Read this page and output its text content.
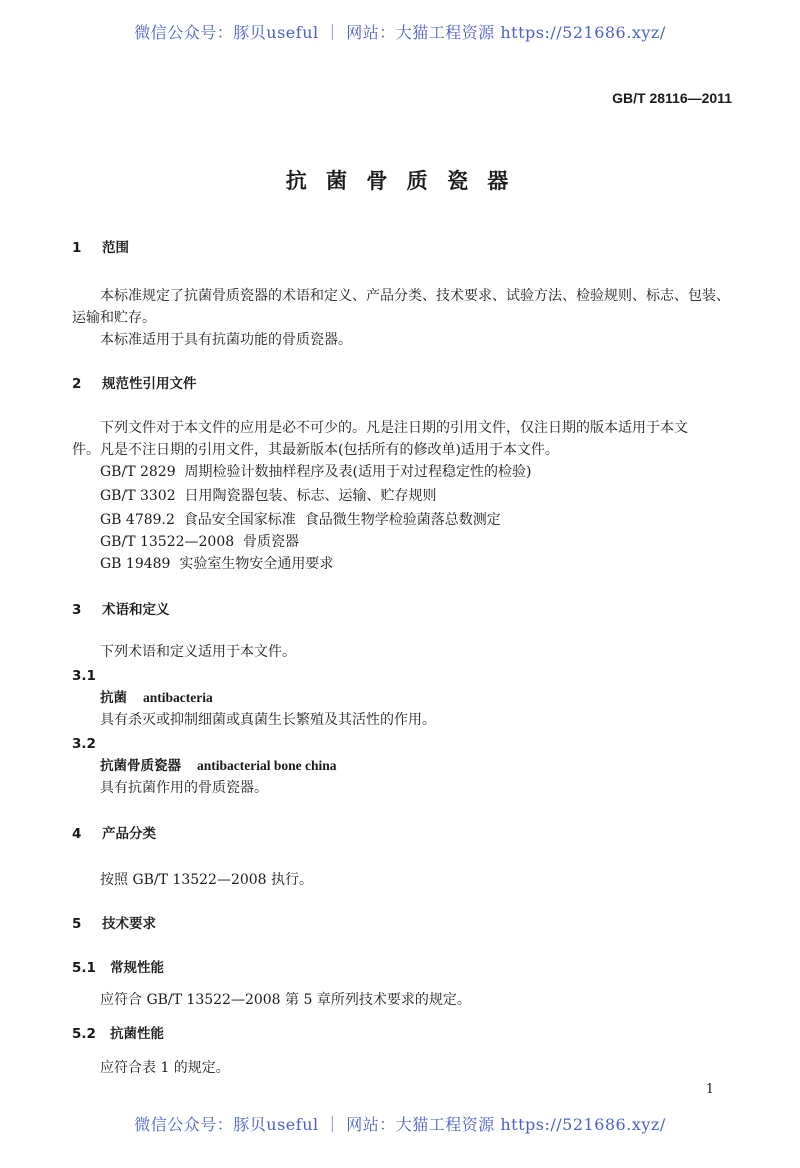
微信公众号：豚贝useful ｜ 网站：大猫工程资源 https://521686.xyz/
GB/T 28116—2011
抗 菌 骨 质 瓷 器
1 范围
本标准规定了抗菌骨质瓷器的术语和定义、产品分类、技术要求、试验方法、检验规则、标志、包装、
运输和贮存。
本标准适用于具有抗菌功能的骨质瓷器。
2 规范性引用文件
下列文件对于本文件的应用是必不可少的。凡是注日期的引用文件，仅注日期的版本适用于本文
件。凡是不注日期的引用文件，其最新版本(包括所有的修改单)适用于本文件。
GB/T 2829  周期检验计数抽样程序及表(适用于对过程稳定性的检验)
GB/T 3302  日用陶瓷器包装、标志、运输、贮存规则
GB 4789.2  食品安全国家标准  食品微生物学检验菌落总数测定
GB/T 13522—2008  骨质瓷器
GB 19489  实验室生物安全通用要求
3 术语和定义
下列术语和定义适用于本文件。
3.1
抗菌 antibacteria
具有杀灭或抑制细菌或真菌生长繁殖及其活性的作用。
3.2
抗菌骨质瓷器 antibacterial bone china
具有抗菌作用的骨质瓷器。
4 产品分类
按照 GB/T 13522—2008 执行。
5 技术要求
5.1 常规性能
应符合 GB/T 13522—2008 第 5 章所列技术要求的规定。
5.2 抗菌性能
应符合表 1 的规定。
1
微信公众号：豚贝useful ｜ 网站：大猫工程资源 https://521686.xyz/
